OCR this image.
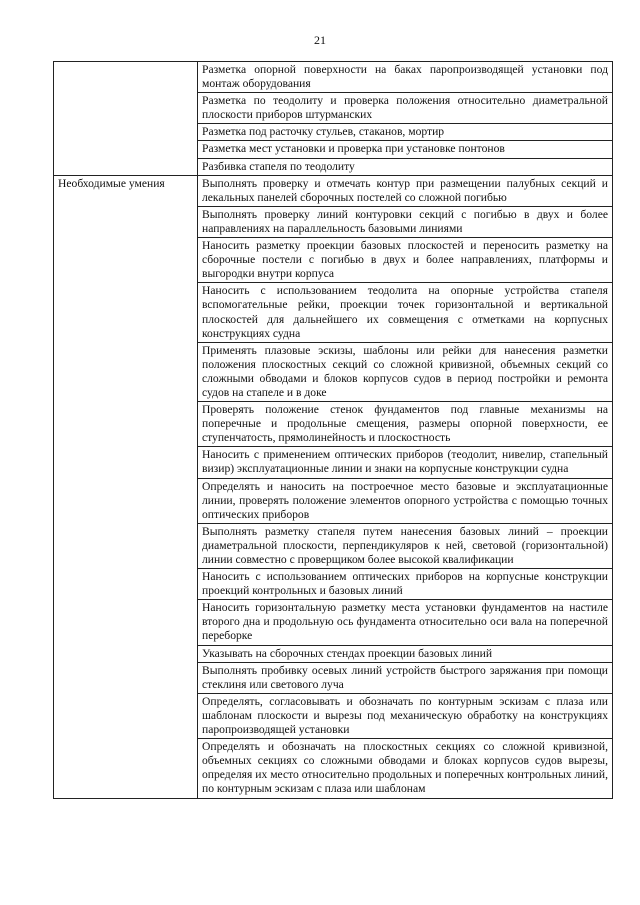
21
	Разметка опорной поверхности на баках паропроизводящей установки под монтаж оборудования
	Разметка по теодолиту и проверка положения относительно диаметральной плоскости приборов штурманских
	Разметка под расточку стульев, стаканов, мортир
	Разметка мест установки и проверка при установке понтонов
	Разбивка стапеля по теодолиту
Необходимые умения	Выполнять проверку и отмечать контур при размещении палубных секций и лекальных панелей сборочных постелей со сложной погибью
	Выполнять проверку линий контуровки секций с погибью в двух и более направлениях на параллельность базовыми линиями
	Наносить разметку проекции базовых плоскостей и переносить разметку на сборочные постели с погибью в двух и более направлениях, платформы и выгородки внутри корпуса
	Наносить с использованием теодолита на опорные устройства стапеля вспомогательные рейки, проекции точек горизонтальной и вертикальной плоскостей для дальнейшего их совмещения с отметками на корпусных конструкциях судна
	Применять плазовые эскизы, шаблоны или рейки для нанесения разметки положения плоскостных секций со сложной кривизной, объемных секций со сложными обводами и блоков корпусов судов в период постройки и ремонта судов на стапеле и в доке
	Проверять положение стенок фундаментов под главные механизмы на поперечные и продольные смещения, размеры опорной поверхности, ее ступенчатость, прямолинейность и плоскостность
	Наносить с применением оптических приборов (теодолит, нивелир, стапельный визир) эксплуатационные линии и знаки на корпусные конструкции судна
	Определять и наносить на построечное место базовые и эксплуатационные линии, проверять положение элементов опорного устройства с помощью точных оптических приборов
	Выполнять разметку стапеля путем нанесения базовых линий – проекции диаметральной плоскости, перпендикуляров к ней, световой (горизонтальной) линии совместно с проверщиком более высокой квалификации
	Наносить с использованием оптических приборов на корпусные конструкции проекций контрольных и базовых линий
	Наносить горизонтальную разметку места установки фундаментов на настиле второго дна и продольную ось фундамента относительно оси вала на поперечной переборке
	Указывать на сборочных стендах проекции базовых линий
	Выполнять пробивку осевых линий устройств быстрого заряжания при помощи стеклиня или светового луча
	Определять, согласовывать и обозначать по контурным эскизам с плаза или шаблонам плоскости и вырезы под механическую обработку на конструкциях паропроизводящей установки
	Определять и обозначать на плоскостных секциях со сложной кривизной, объемных секциях со сложными обводами и блоках корпусов судов вырезы, определяя их место относительно продольных и поперечных контрольных линий, по контурным эскизам с плаза или шаблонам
